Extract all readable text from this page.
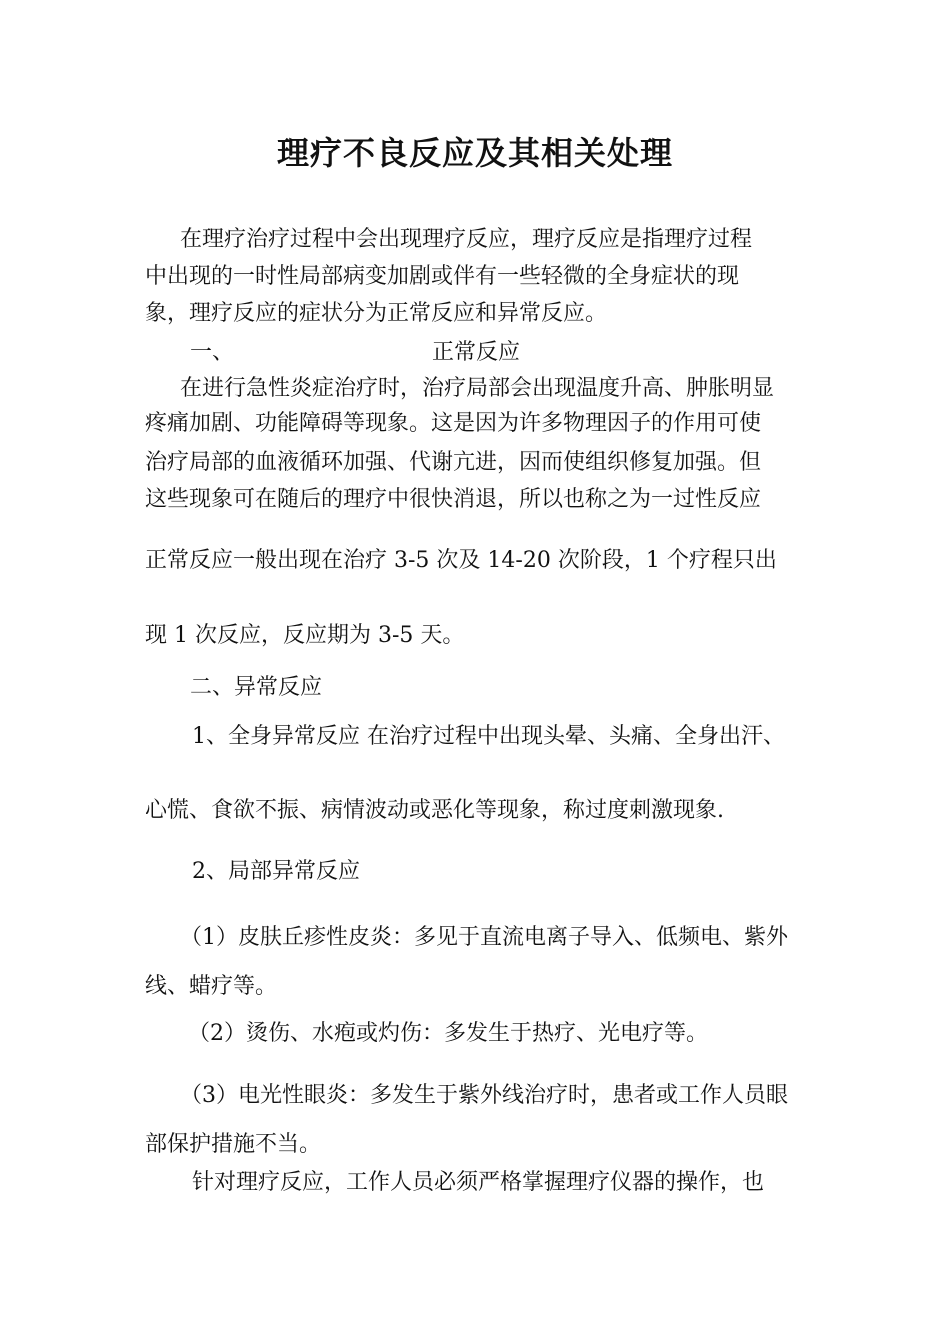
理疗不良反应及其相关处理
在理疗治疗过程中会出现理疗反应，理疗反应是指理疗过程
中出现的一时性局部病变加剧或伴有一些轻微的全身症状的现
象，理疗反应的症状分为正常反应和异常反应。
一、	正常反应
在进行急性炎症治疗时，治疗局部会出现温度升高、肿胀明显
疼痛加剧、功能障碍等现象。这是因为许多物理因子的作用可使
治疗局部的血液循环加强、代谢亢进，因而使组织修复加强。但
这些现象可在随后的理疗中很快消退，所以也称之为一过性反应
正常反应一般出现在治疗 3-5 次及 14-20 次阶段，1 个疗程只出
现 1 次反应，反应期为 3-5 天。
二、异常反应
1、全身异常反应 在治疗过程中出现头晕、头痛、全身出汗、
心慌、食欲不振、病情波动或恶化等现象，称过度刺激现象.
2、局部异常反应
（1）皮肤丘疹性皮炎：多见于直流电离子导入、低频电、紫外
线、蜡疗等。
（2）烫伤、水疱或灼伤：多发生于热疗、光电疗等。
（3）电光性眼炎：多发生于紫外线治疗时，患者或工作人员眼
部保护措施不当。
针对理疗反应，工作人员必须严格掌握理疗仪器的操作，也
